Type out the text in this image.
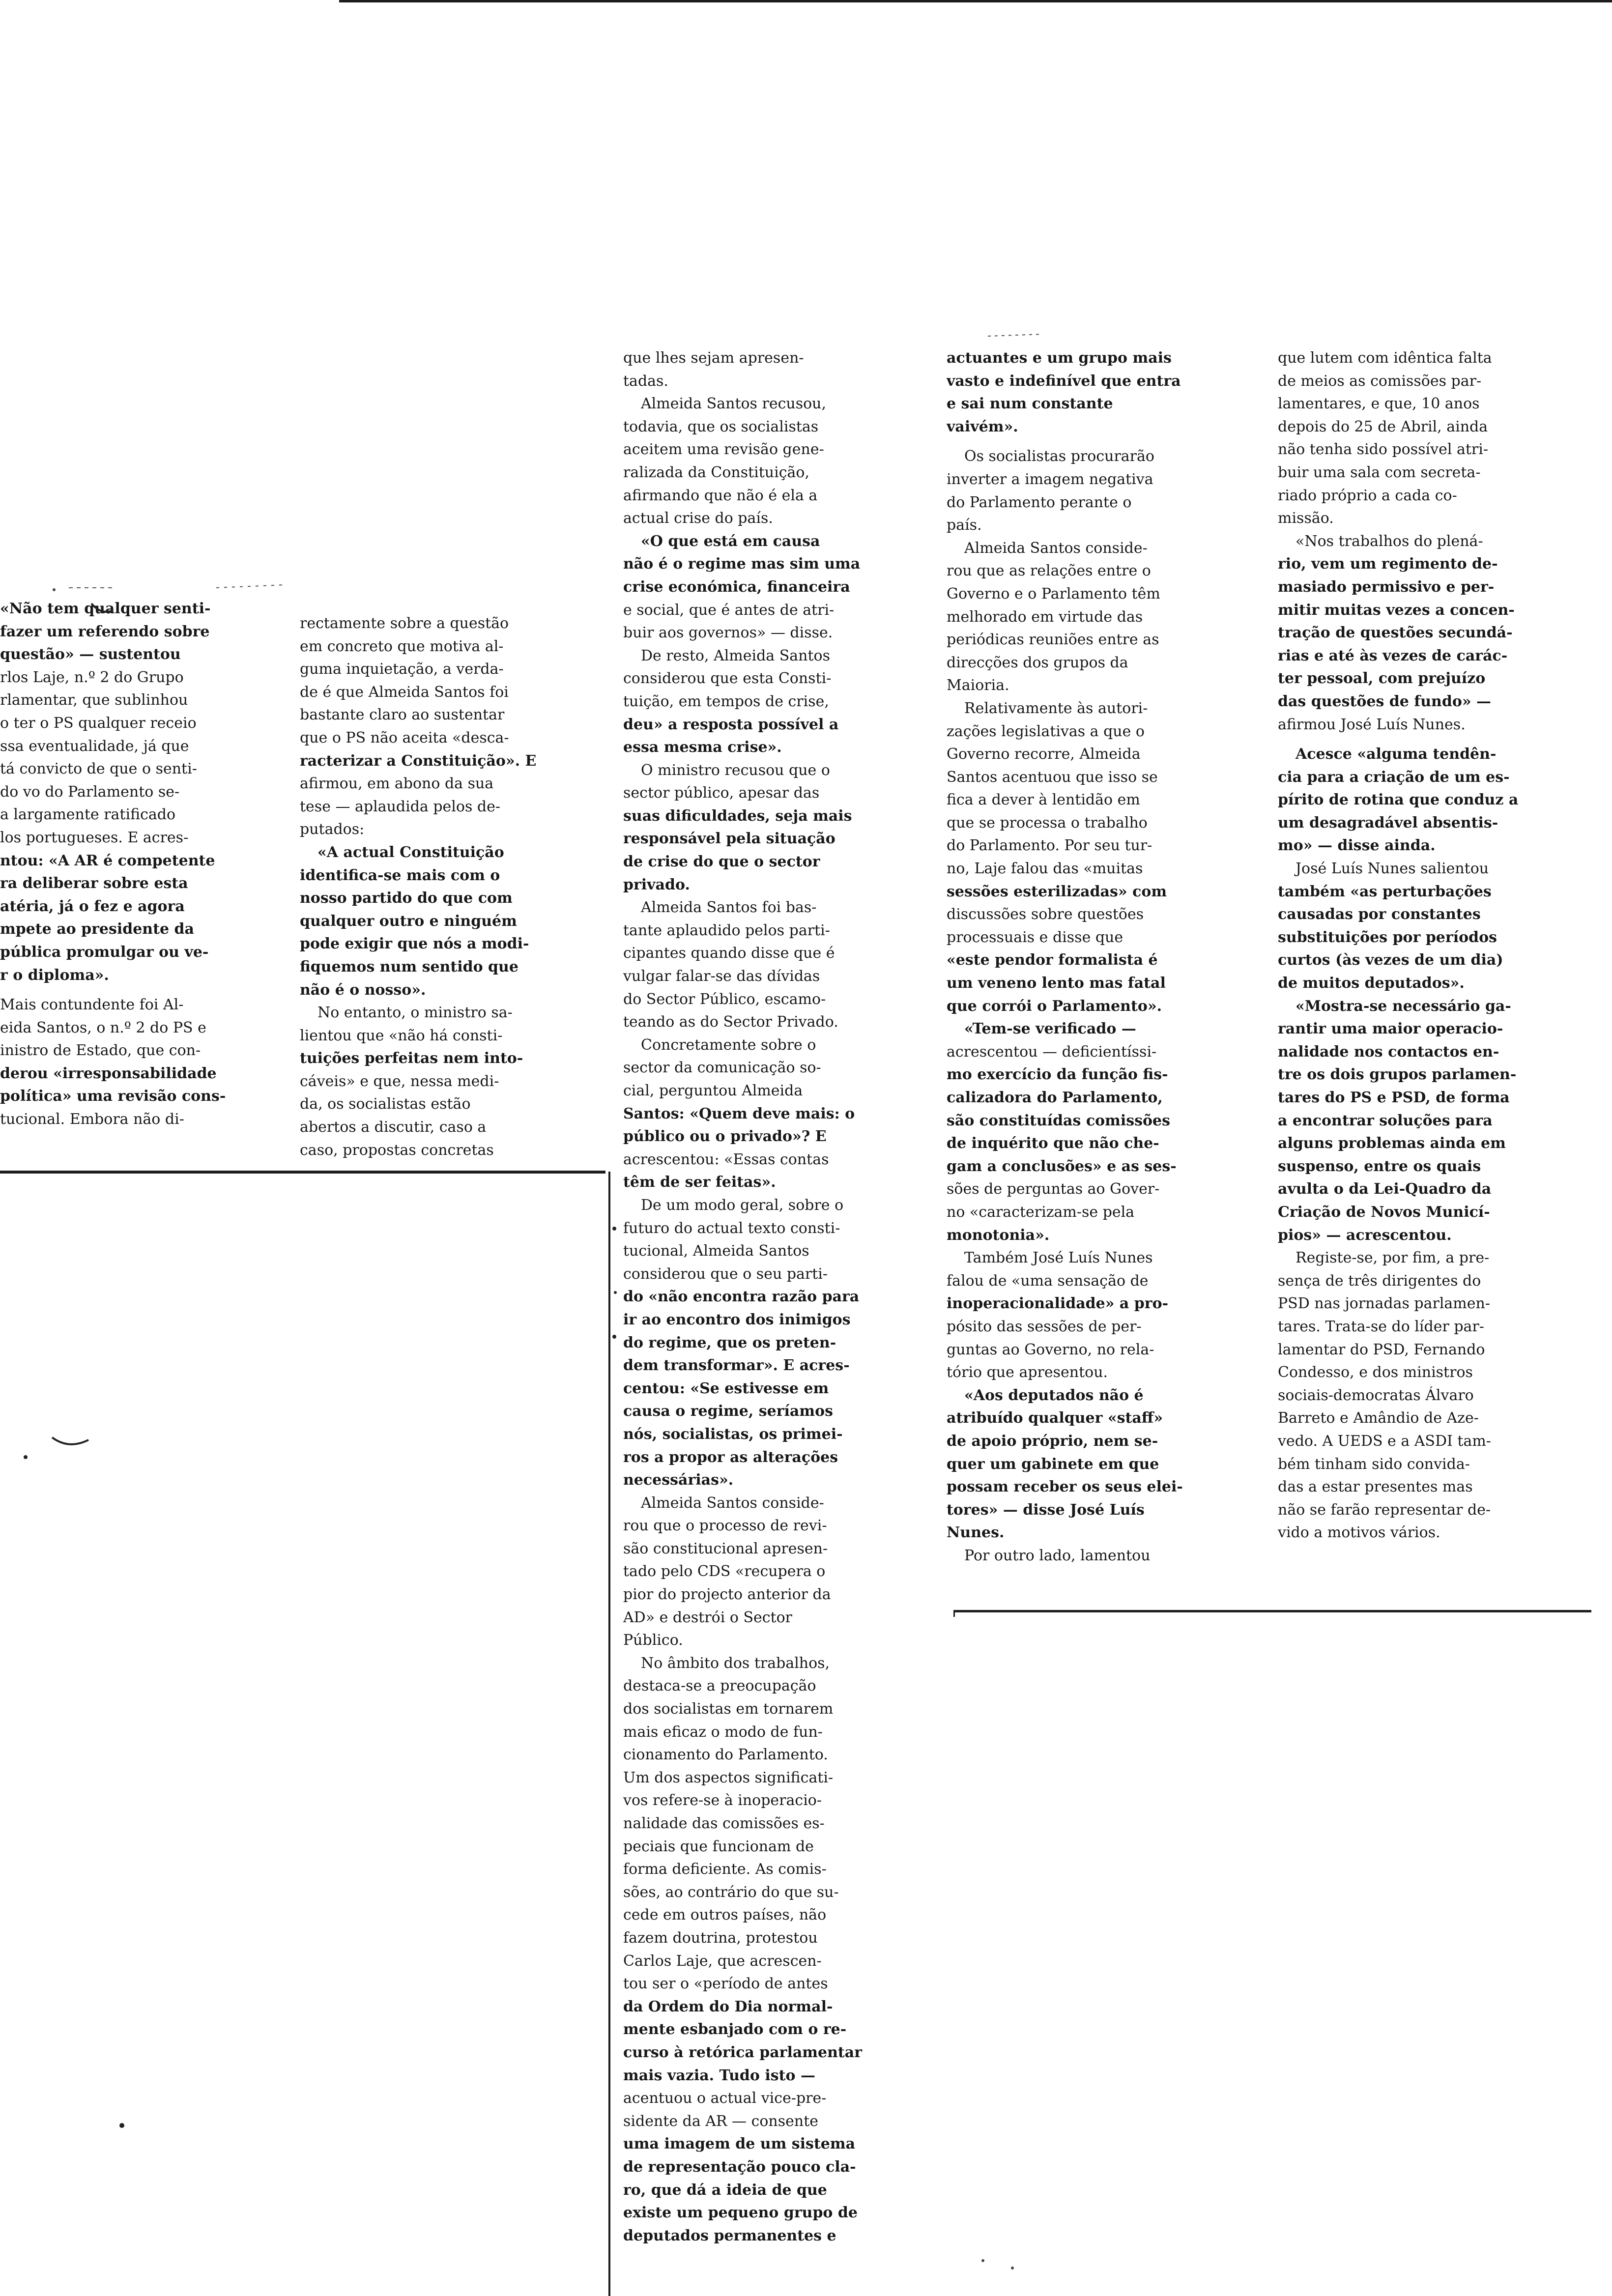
«Não tem qualquer senti-
fazer um referendo sobre
questão» — sustentou
rlos Laje, n.º 2 do Grupo
rlamentar, que sublinhou
o ter o PS qualquer receio
ssa eventualidade, já que
tá convicto de que o senti-
do vo do Parlamento se-
a largamente ratificado
los portugueses. E acres-
ntou: «A AR é competente
ra deliberar sobre esta
atéria, já o fez e agora
mpete ao presidente da
pública promulgar ou ve-
r o diploma».
Mais contundente foi Al-
eida Santos, o n.º 2 do PS e
inistro de Estado, que con-
derou «irresponsabilidade
política» uma revisão cons-
tucional. Embora não di-
rectamente sobre a questão
em concreto que motiva al-
guma inquietação, a verda-
de é que Almeida Santos foi
bastante claro ao sustentar
que o PS não aceita «desca-
racterizar a Constituição». E
afirmou, em abono da sua
tese — aplaudida pelos de-
putados:
«A actual Constituição
identifica-se mais com o
nosso partido do que com
qualquer outro e ninguém
pode exigir que nós a modi-
fiquemos num sentido que
não é o nosso».
No entanto, o ministro sa-
lientou que «não há consti-
tuições perfeitas nem into-
cáveis» e que, nessa medi-
da, os socialistas estão
abertos a discutir, caso a
caso, propostas concretas
que lhes sejam apresen-
tadas.
Almeida Santos recusou,
todavia, que os socialistas
aceitem uma revisão gene-
ralizada da Constituição,
afirmando que não é ela a
actual crise do país.
«O que está em causa
não é o regime mas sim uma
crise económica, financeira
e social, que é antes de atri-
buir aos governos» — disse.
De resto, Almeida Santos
considerou que esta Consti-
tuição, em tempos de crise,
deu» a resposta possível a
essa mesma crise».
O ministro recusou que o
sector público, apesar das
suas dificuldades, seja mais
responsável pela situação
de crise do que o sector
privado.
Almeida Santos foi bas-
tante aplaudido pelos parti-
cipantes quando disse que é
vulgar falar-se das dívidas
do Sector Público, escamo-
teando as do Sector Privado.
Concretamente sobre o
sector da comunicação so-
cial, perguntou Almeida
Santos: «Quem deve mais: o
público ou o privado»? E
acrescentou: «Essas contas
têm de ser feitas».
De um modo geral, sobre o
futuro do actual texto consti-
tucional, Almeida Santos
considerou que o seu parti-
do «não encontra razão para
ir ao encontro dos inimigos
do regime, que os preten-
dem transformar». E acres-
centou: «Se estivesse em
causa o regime, seríamos
nós, socialistas, os primei-
ros a propor as alterações
necessárias».
Almeida Santos conside-
rou que o processo de revi-
são constitucional apresen-
tado pelo CDS «recupera o
pior do projecto anterior da
AD» e destrói o Sector
Público.
No âmbito dos trabalhos,
destaca-se a preocupação
dos socialistas em tornarem
mais eficaz o modo de fun-
cionamento do Parlamento.
Um dos aspectos significati-
vos refere-se à inoperacio-
nalidade das comissões es-
peciais que funcionam de
forma deficiente. As comis-
sões, ao contrário do que su-
cede em outros países, não
fazem doutrina, protestou
Carlos Laje, que acrescen-
tou ser o «período de antes
da Ordem do Dia normal-
mente esbanjado com o re-
curso à retórica parlamentar
mais vazia. Tudo isto —
acentuou o actual vice-pre-
sidente da AR — consente
uma imagem de um sistema
de representação pouco cla-
ro, que dá a ideia de que
existe um pequeno grupo de
deputados permanentes e
actuantes e um grupo mais
vasto e indefinível que entra
e sai num constante
vaivém».
Os socialistas procurarão
inverter a imagem negativa
do Parlamento perante o
país.
Almeida Santos conside-
rou que as relações entre o
Governo e o Parlamento têm
melhorado em virtude das
periódicas reuniões entre as
direcções dos grupos da
Maioria.
Relativamente às autori-
zações legislativas a que o
Governo recorre, Almeida
Santos acentuou que isso se
fica a dever à lentidão em
que se processa o trabalho
do Parlamento. Por seu tur-
no, Laje falou das «muitas
sessões esterilizadas» com
discussões sobre questões
processuais e disse que
«este pendor formalista é
um veneno lento mas fatal
que corrói o Parlamento».
«Tem-se verificado —
acrescentou — deficientíssi-
mo exercício da função fis-
calizadora do Parlamento,
são constituídas comissões
de inquérito que não che-
gam a conclusões» e as ses-
sões de perguntas ao Gover-
no «caracterizam-se pela
monotonia».
Também José Luís Nunes
falou de «uma sensação de
inoperacionalidade» a pro-
pósito das sessões de per-
guntas ao Governo, no rela-
tório que apresentou.
«Aos deputados não é
atribuído qualquer «staff»
de apoio próprio, nem se-
quer um gabinete em que
possam receber os seus elei-
tores» — disse José Luís
Nunes.
Por outro lado, lamentou
que lutem com idêntica falta
de meios as comissões par-
lamentares, e que, 10 anos
depois do 25 de Abril, ainda
não tenha sido possível atri-
buir uma sala com secreta-
riado próprio a cada co-
missão.
«Nos trabalhos do plená-
rio, vem um regimento de-
masiado permissivo e per-
mitir muitas vezes a concen-
tração de questões secundá-
rias e até às vezes de carác-
ter pessoal, com prejuízo
das questões de fundo» —
afirmou José Luís Nunes.
Acesce «alguma tendên-
cia para a criação de um es-
pírito de rotina que conduz a
um desagradável absentis-
mo» — disse ainda.
José Luís Nunes salientou
também «as perturbações
causadas por constantes
substituições por períodos
curtos (às vezes de um dia)
de muitos deputados».
«Mostra-se necessário ga-
rantir uma maior operacio-
nalidade nos contactos en-
tre os dois grupos parlamen-
tares do PS e PSD, de forma
a encontrar soluções para
alguns problemas ainda em
suspenso, entre os quais
avulta o da Lei-Quadro da
Criação de Novos Municí-
pios» — acrescentou.
Registe-se, por fim, a pre-
sença de três dirigentes do
PSD nas jornadas parlamen-
tares. Trata-se do líder par-
lamentar do PSD, Fernando
Condesso, e dos ministros
sociais-democratas Álvaro
Barreto e Amândio de Aze-
vedo. A UEDS e a ASDI tam-
bém tinham sido convida-
das a estar presentes mas
não se farão representar de-
vido a motivos vários.
